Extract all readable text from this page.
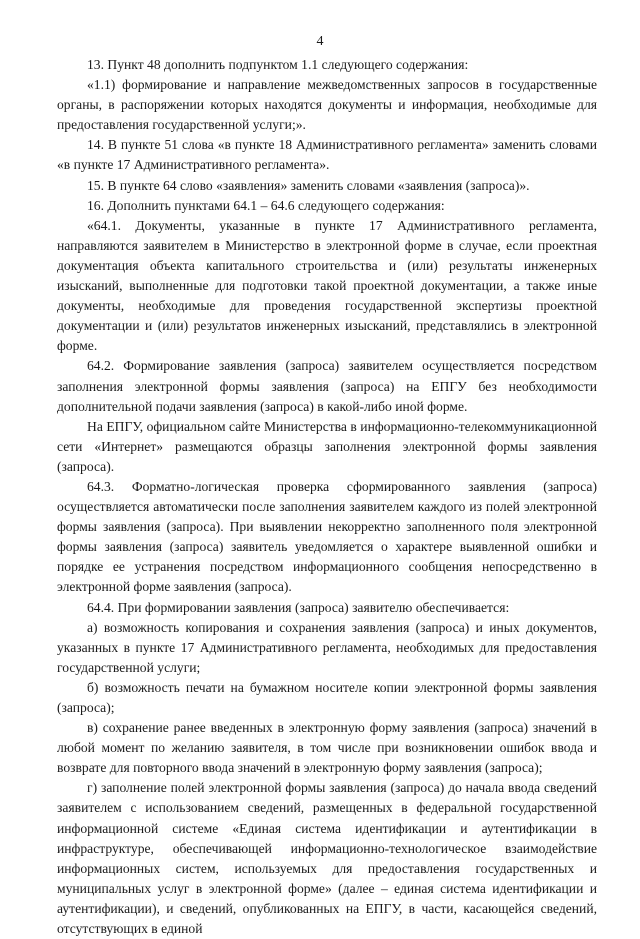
4

13. Пункт 48 дополнить подпунктом 1.1 следующего содержания:

«1.1) формирование и направление межведомственных запросов в государственные органы, в распоряжении которых находятся документы и информация, необходимые для предоставления государственной услуги;».

14. В пункте 51 слова «в пункте 18 Административного регламента» заменить словами «в пункте 17 Административного регламента».

15. В пункте 64 слово «заявления» заменить словами «заявления (запроса)».

16. Дополнить пунктами 64.1 – 64.6 следующего содержания:

«64.1. Документы, указанные в пункте 17 Административного регламента, направляются заявителем в Министерство в электронной форме в случае, если проектная документация объекта капитального строительства и (или) результаты инженерных изысканий, выполненные для подготовки такой проектной документации, а также иные документы, необходимые для проведения государственной экспертизы проектной документации и (или) результатов инженерных изысканий, представлялись в электронной форме.

64.2. Формирование заявления (запроса) заявителем осуществляется посредством заполнения электронной формы заявления (запроса) на ЕПГУ без необходимости дополнительной подачи заявления (запроса) в какой-либо иной форме.

На ЕПГУ, официальном сайте Министерства в информационно-телекоммуникационной сети «Интернет» размещаются образцы заполнения электронной формы заявления (запроса).

64.3. Форматно-логическая проверка сформированного заявления (запроса) осуществляется автоматически после заполнения заявителем каждого из полей электронной формы заявления (запроса). При выявлении некорректно заполненного поля электронной формы заявления (запроса) заявитель уведомляется о характере выявленной ошибки и порядке ее устранения посредством информационного сообщения непосредственно в электронной форме заявления (запроса).

64.4. При формировании заявления (запроса) заявителю обеспечивается:

а) возможность копирования и сохранения заявления (запроса) и иных документов, указанных в пункте 17 Административного регламента, необходимых для предоставления государственной услуги;

б) возможность печати на бумажном носителе копии электронной формы заявления (запроса);

в) сохранение ранее введенных в электронную форму заявления (запроса) значений в любой момент по желанию заявителя, в том числе при возникновении ошибок ввода и возврате для повторного ввода значений в электронную форму заявления (запроса);

г) заполнение полей электронной формы заявления (запроса) до начала ввода сведений заявителем с использованием сведений, размещенных в федеральной государственной информационной системе «Единая система идентификации и аутентификации в инфраструктуре, обеспечивающей информационно-технологическое взаимодействие информационных систем, используемых для предоставления государственных и муниципальных услуг в электронной форме» (далее – единая система идентификации и аутентификации), и сведений, опубликованных на ЕПГУ, в части, касающейся сведений, отсутствующих в единой
